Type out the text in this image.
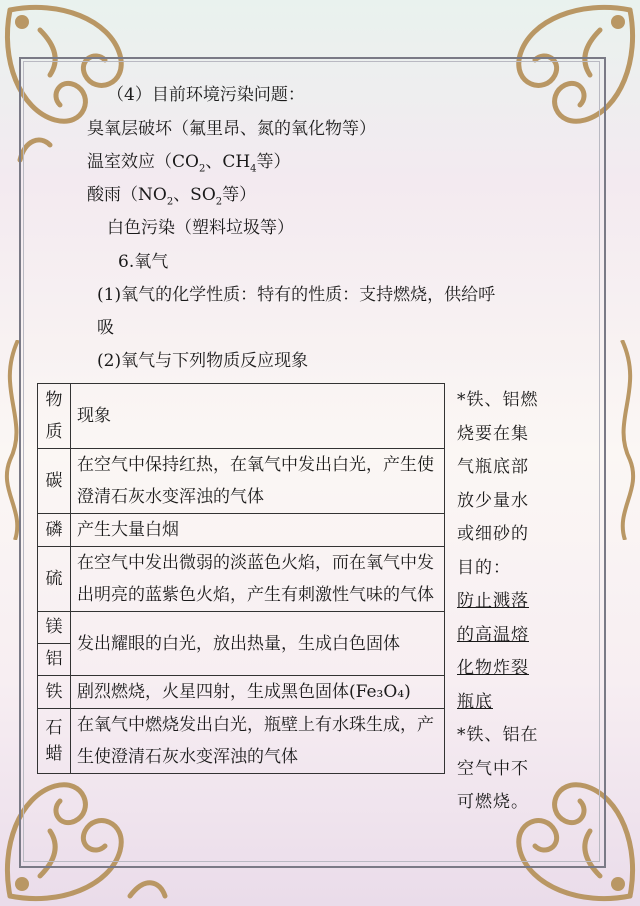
（4）目前环境污染问题：
臭氧层破坏（氟里昂、氮的氧化物等）
温室效应（$CO_2$、$CH_4$等）
酸雨（$NO_2$、$SO_2$等）
白色污染（塑料垃圾等）
6.氧气
(1)氧气的化学性质：特有的性质：支持燃烧，供给呼
吸
(2)氧气与下列物质反应现象
物
质	现象
碳	在空气中保持红热，在氧气中发出白光，产生使澄清石灰水变浑浊的气体
磷	产生大量白烟
硫	在空气中发出微弱的淡蓝色火焰，而在氧气中发出明亮的蓝紫色火焰，产生有刺激性气味的气体
镁	发出耀眼的白光，放出热量，生成白色固体
铝	
铁	剧烈燃烧，火星四射，生成黑色固体(Fe₃O₄)
石
蜡	在氧气中燃烧发出白光，瓶壁上有水珠生成，产生使澄清石灰水变浑浊的气体
*铁、铝燃
烧要在集
气瓶底部
放少量水
或细砂的
目的：
防止溅落
的高温熔
化物炸裂
瓶底
*铁、铝在
空气中不
可燃烧。
